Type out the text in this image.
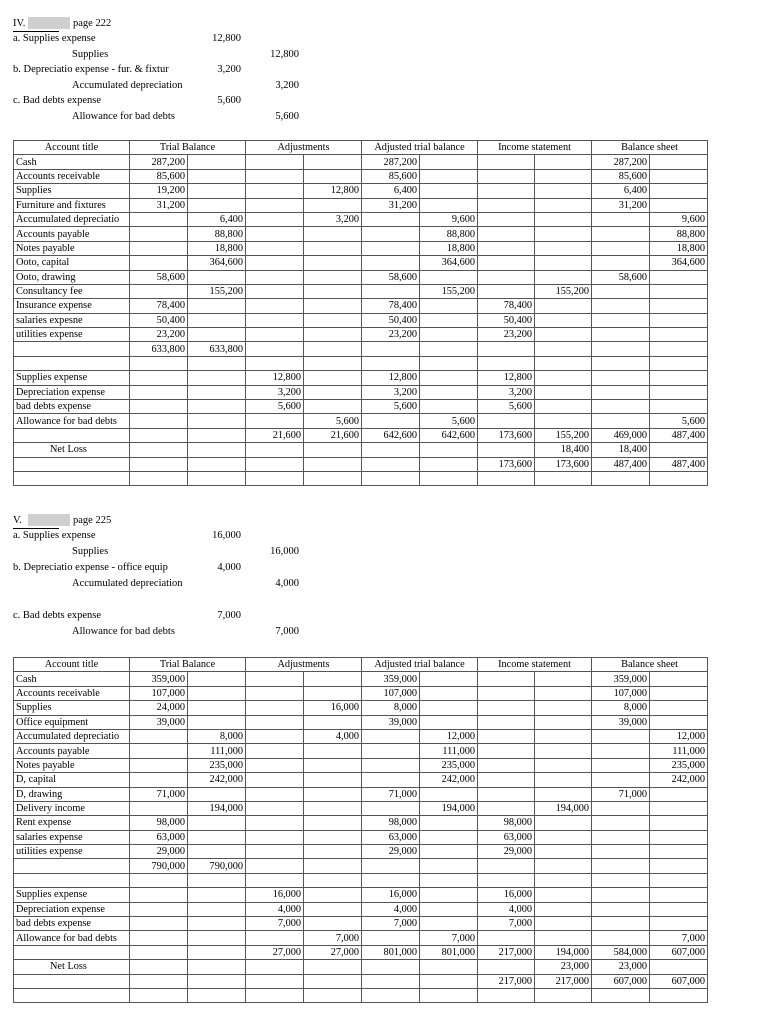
IV.	page 222
a. Supplies expense	12,800
Supplies	12,800
b. Depreciatio expense - fur. & fixtur	3,200
Accumulated depreciation	3,200
c. Bad debts expense	5,600
Allowance for bad debts	5,600
Account title	Trial Balance		Adjustments		Adjusted trial balance		Income statement		Balance sheet	
Cash	287,200				287,200				287,200	
Accounts receivable	85,600				85,600				85,600	
Supplies	19,200			12,800	6,400				6,400	
Furniture and fixtures	31,200				31,200				31,200	
Accumulated depreciatio		6,400		3,200		9,600				9,600
Accounts payable		88,800				88,800				88,800
Notes payable		18,800				18,800				18,800
Ooto, capital		364,600				364,600				364,600
Ooto, drawing	58,600				58,600				58,600	
Consultancy fee		155,200				155,200		155,200		
Insurance expense	78,400				78,400		78,400			
salaries expesne	50,400				50,400		50,400			
utilities expense	23,200				23,200		23,200			
	633,800	633,800								

Supplies expense			12,800		12,800		12,800			
Depreciation expense			3,200		3,200		3,200			
bad debts expense			5,600		5,600		5,600			
Allowance for bad debts				5,600		5,600				5,600
			21,600	21,600	642,600	642,600	173,600	155,200	469,000	487,400
Net Loss								18,400	18,400	
							173,600	173,600	487,400	487,400

V.	page 225
a. Supplies expense	16,000
Supplies	16,000
b. Depreciatio expense - office equip	4,000
Accumulated depreciation	4,000
c. Bad debts expense	7,000
Allowance for bad debts	7,000
Account title	Trial Balance		Adjustments		Adjusted trial balance		Income statement		Balance sheet	
Cash	359,000				359,000				359,000	
Accounts receivable	107,000				107,000				107,000	
Supplies	24,000			16,000	8,000				8,000	
Office equipment	39,000				39,000				39,000	
Accumulated depreciatio		8,000		4,000		12,000				12,000
Accounts payable		111,000				111,000				111,000
Notes payable		235,000				235,000				235,000
D, capital		242,000				242,000				242,000
D, drawing	71,000				71,000				71,000	
Delivery income		194,000				194,000		194,000		
Rent expense	98,000				98,000		98,000			
salaries expense	63,000				63,000		63,000			
utilities expense	29,000				29,000		29,000			
	790,000	790,000								

Supplies expense			16,000		16,000		16,000			
Depreciation expense			4,000		4,000		4,000			
bad debts expense			7,000		7,000		7,000			
Allowance for bad debts				7,000		7,000				7,000
			27,000	27,000	801,000	801,000	217,000	194,000	584,000	607,000
Net Loss								23,000	23,000	
							217,000	217,000	607,000	607,000
